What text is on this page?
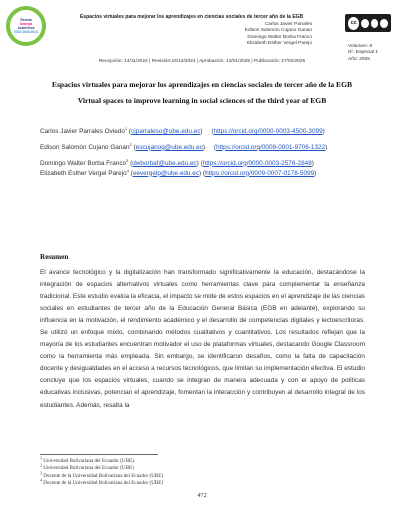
Revista
Sinergia
Académica
ISSN 2665-0614
Espacios virtuales para mejorar los aprendizajes en ciencias sociales de tercer año de la EGB
Carlos Javier Parrales
Edison Salomón Cujano Ganan
Domingo Walter Borba Franco
Elizabeth Esther Vergel Parejo
cc
Volumen: 8
Nº. Especial 1
Año: 2025
Recepción: 14/11/2024 | Revisión:15/12/2024 | Aprobación: 13/01/2025 | Publicación: 27/02/2025
Espacios virtuales para mejorar los aprendizajes en ciencias sociales de tercer año de la EGB
Virtual spaces to improve learning in social sciences of the third year of EGB
Carlos Javier Parrales Oviedo$^1$ (cjparraleso@ube.edu.ec)     (https://orcid.org/0000-0003-4500-3099)
Edison Salomón Cujano Ganan$^2$ (escujanog@ube.edu.ec)     (https://orcid.org/0009-0001-9706-1322)
Domingo Walter Borba Franco$^3$ (dwborbaf@ube.edu.ec) (https://orcid.org/0000-0003-2576-2848)
Elizabeth Esther Vergel Parejo$^4$ (eevergelp@ube.edu.ec) (https://orcid.org/0009-0007-0178-5099)
Resumen

El avance tecnológico y la digitalización han transformado significativamente la educación, destacándose la integración de espacios alternativos virtuales como herramientas clave para complementar la enseñanza tradicional. Este estudio evalúa la eficacia, el impacto se mide de estos espacios en el aprendizaje de las ciencias sociales en estudiantes de tercer año de la Educación General Básica (EGB en adelante), explorando su influencia en la motivación, el rendimiento académico y el desarrollo de competencias digitales y lectoescritoras. Se utilizó un enfoque mixto, combinando métodos cualitativos y cuantitativos. Los resultados reflejan que la mayoría de los estudiantes encuentran motivador el uso de plataformas virtuales, destacando Google Classroom como la herramienta más empleada. Sin embargo, se identificaron desafíos, como la falta de capacitación docente y desigualdades en el acceso a recursos tecnológicos, que limitan su implementación efectiva. El estudio concluye que los espacios virtuales, cuando se integran de manera adecuada y con el apoyo de políticas educativas inclusivas, potencian el aprendizaje, fomentan la interacción y contribuyen al desarrollo integral de los estudiantes. Además, resalta la

$^1$ Universidad Bolivariana del Ecuador (UBE).
$^2$ Universidad Bolivariana del Ecuador (UBE)
$^3$ Docente de la Universidad Bolivariana del Ecuador (UBE)
$^4$ Docente de la Universidad Bolivariana del Ecuador (UBE)
472
